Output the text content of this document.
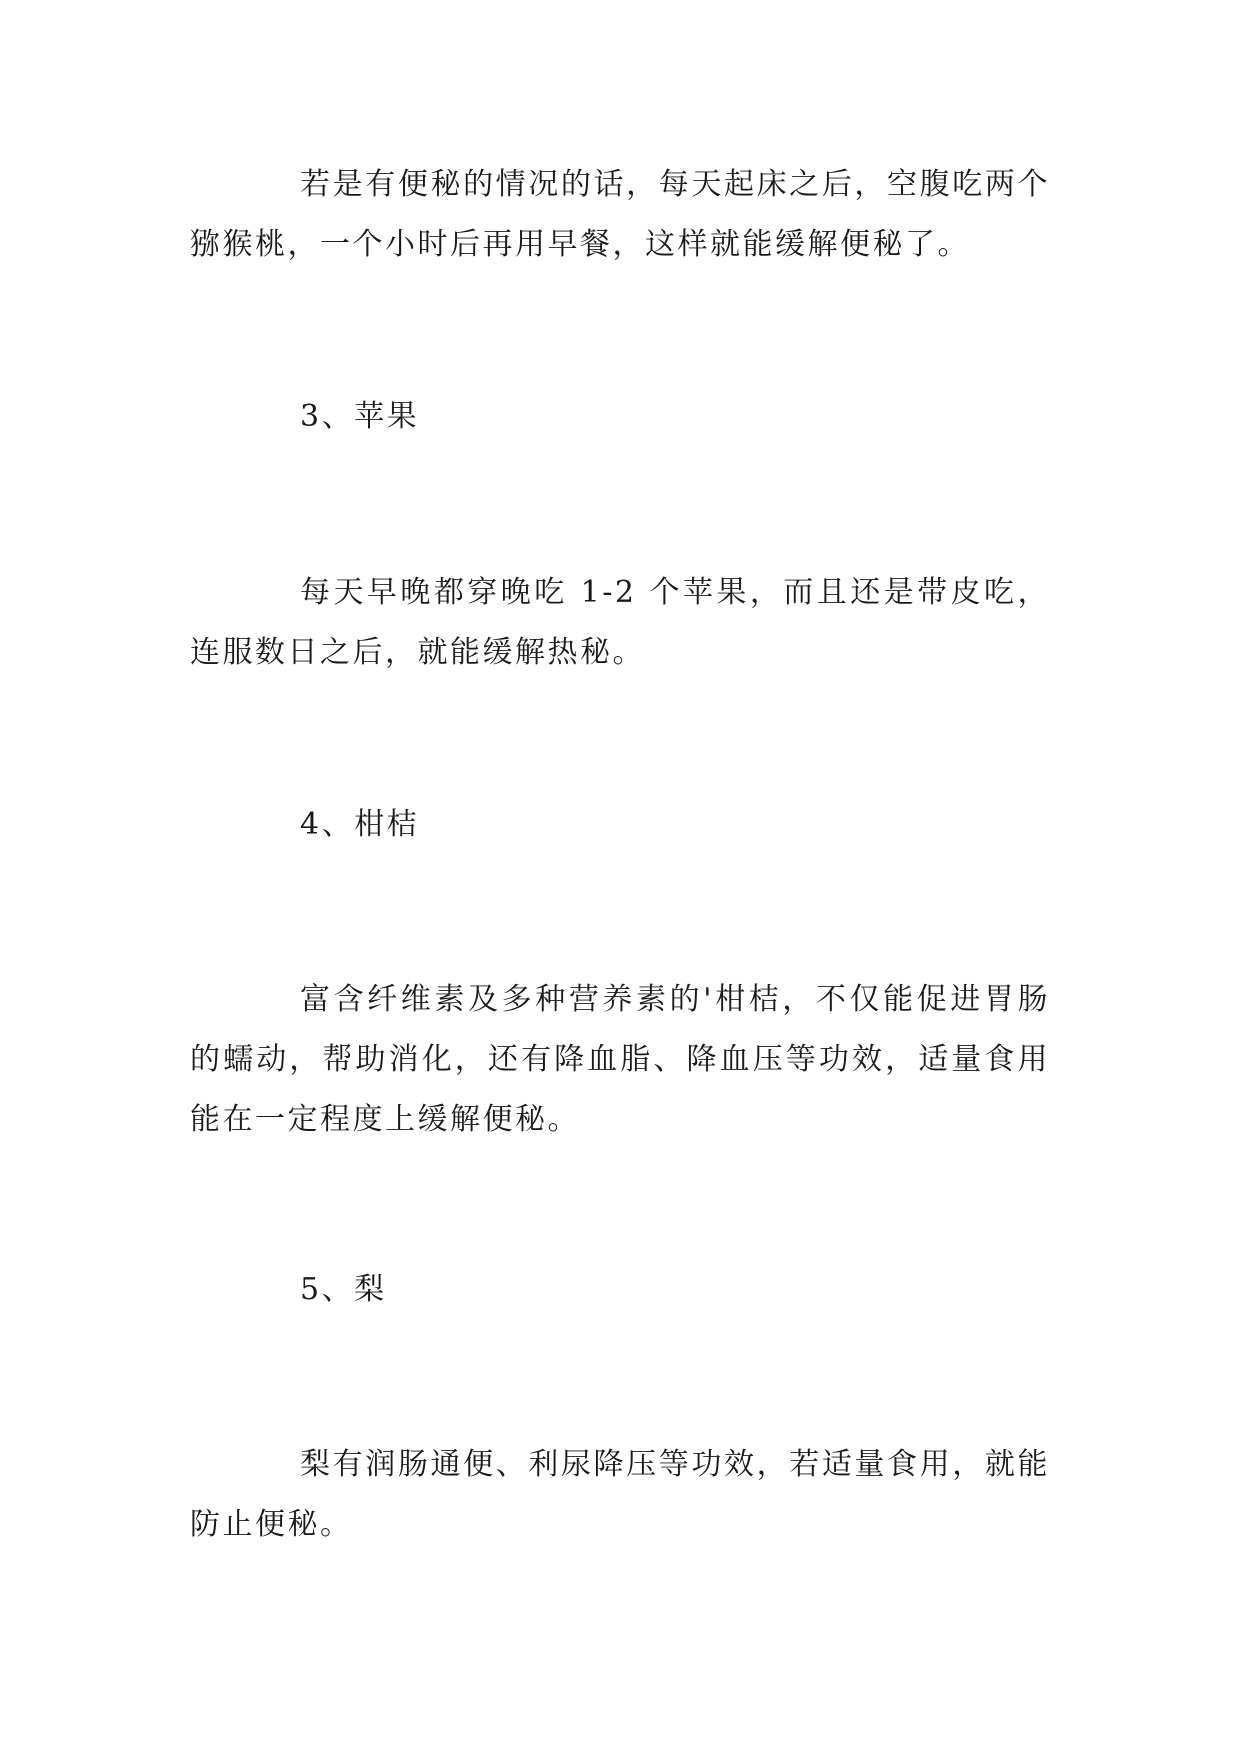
若是有便秘的情况的话，每天起床之后，空腹吃两个猕猴桃，一个小时后再用早餐，这样就能缓解便秘了。

3、苹果

每天早晚都穿晚吃 1-2 个苹果，而且还是带皮吃，连服数日之后，就能缓解热秘。

4、柑桔

富含纤维素及多种营养素的'柑桔，不仅能促进胃肠的蠕动，帮助消化，还有降血脂、降血压等功效，适量食用能在一定程度上缓解便秘。

5、梨

梨有润肠通便、利尿降压等功效，若适量食用，就能防止便秘。
